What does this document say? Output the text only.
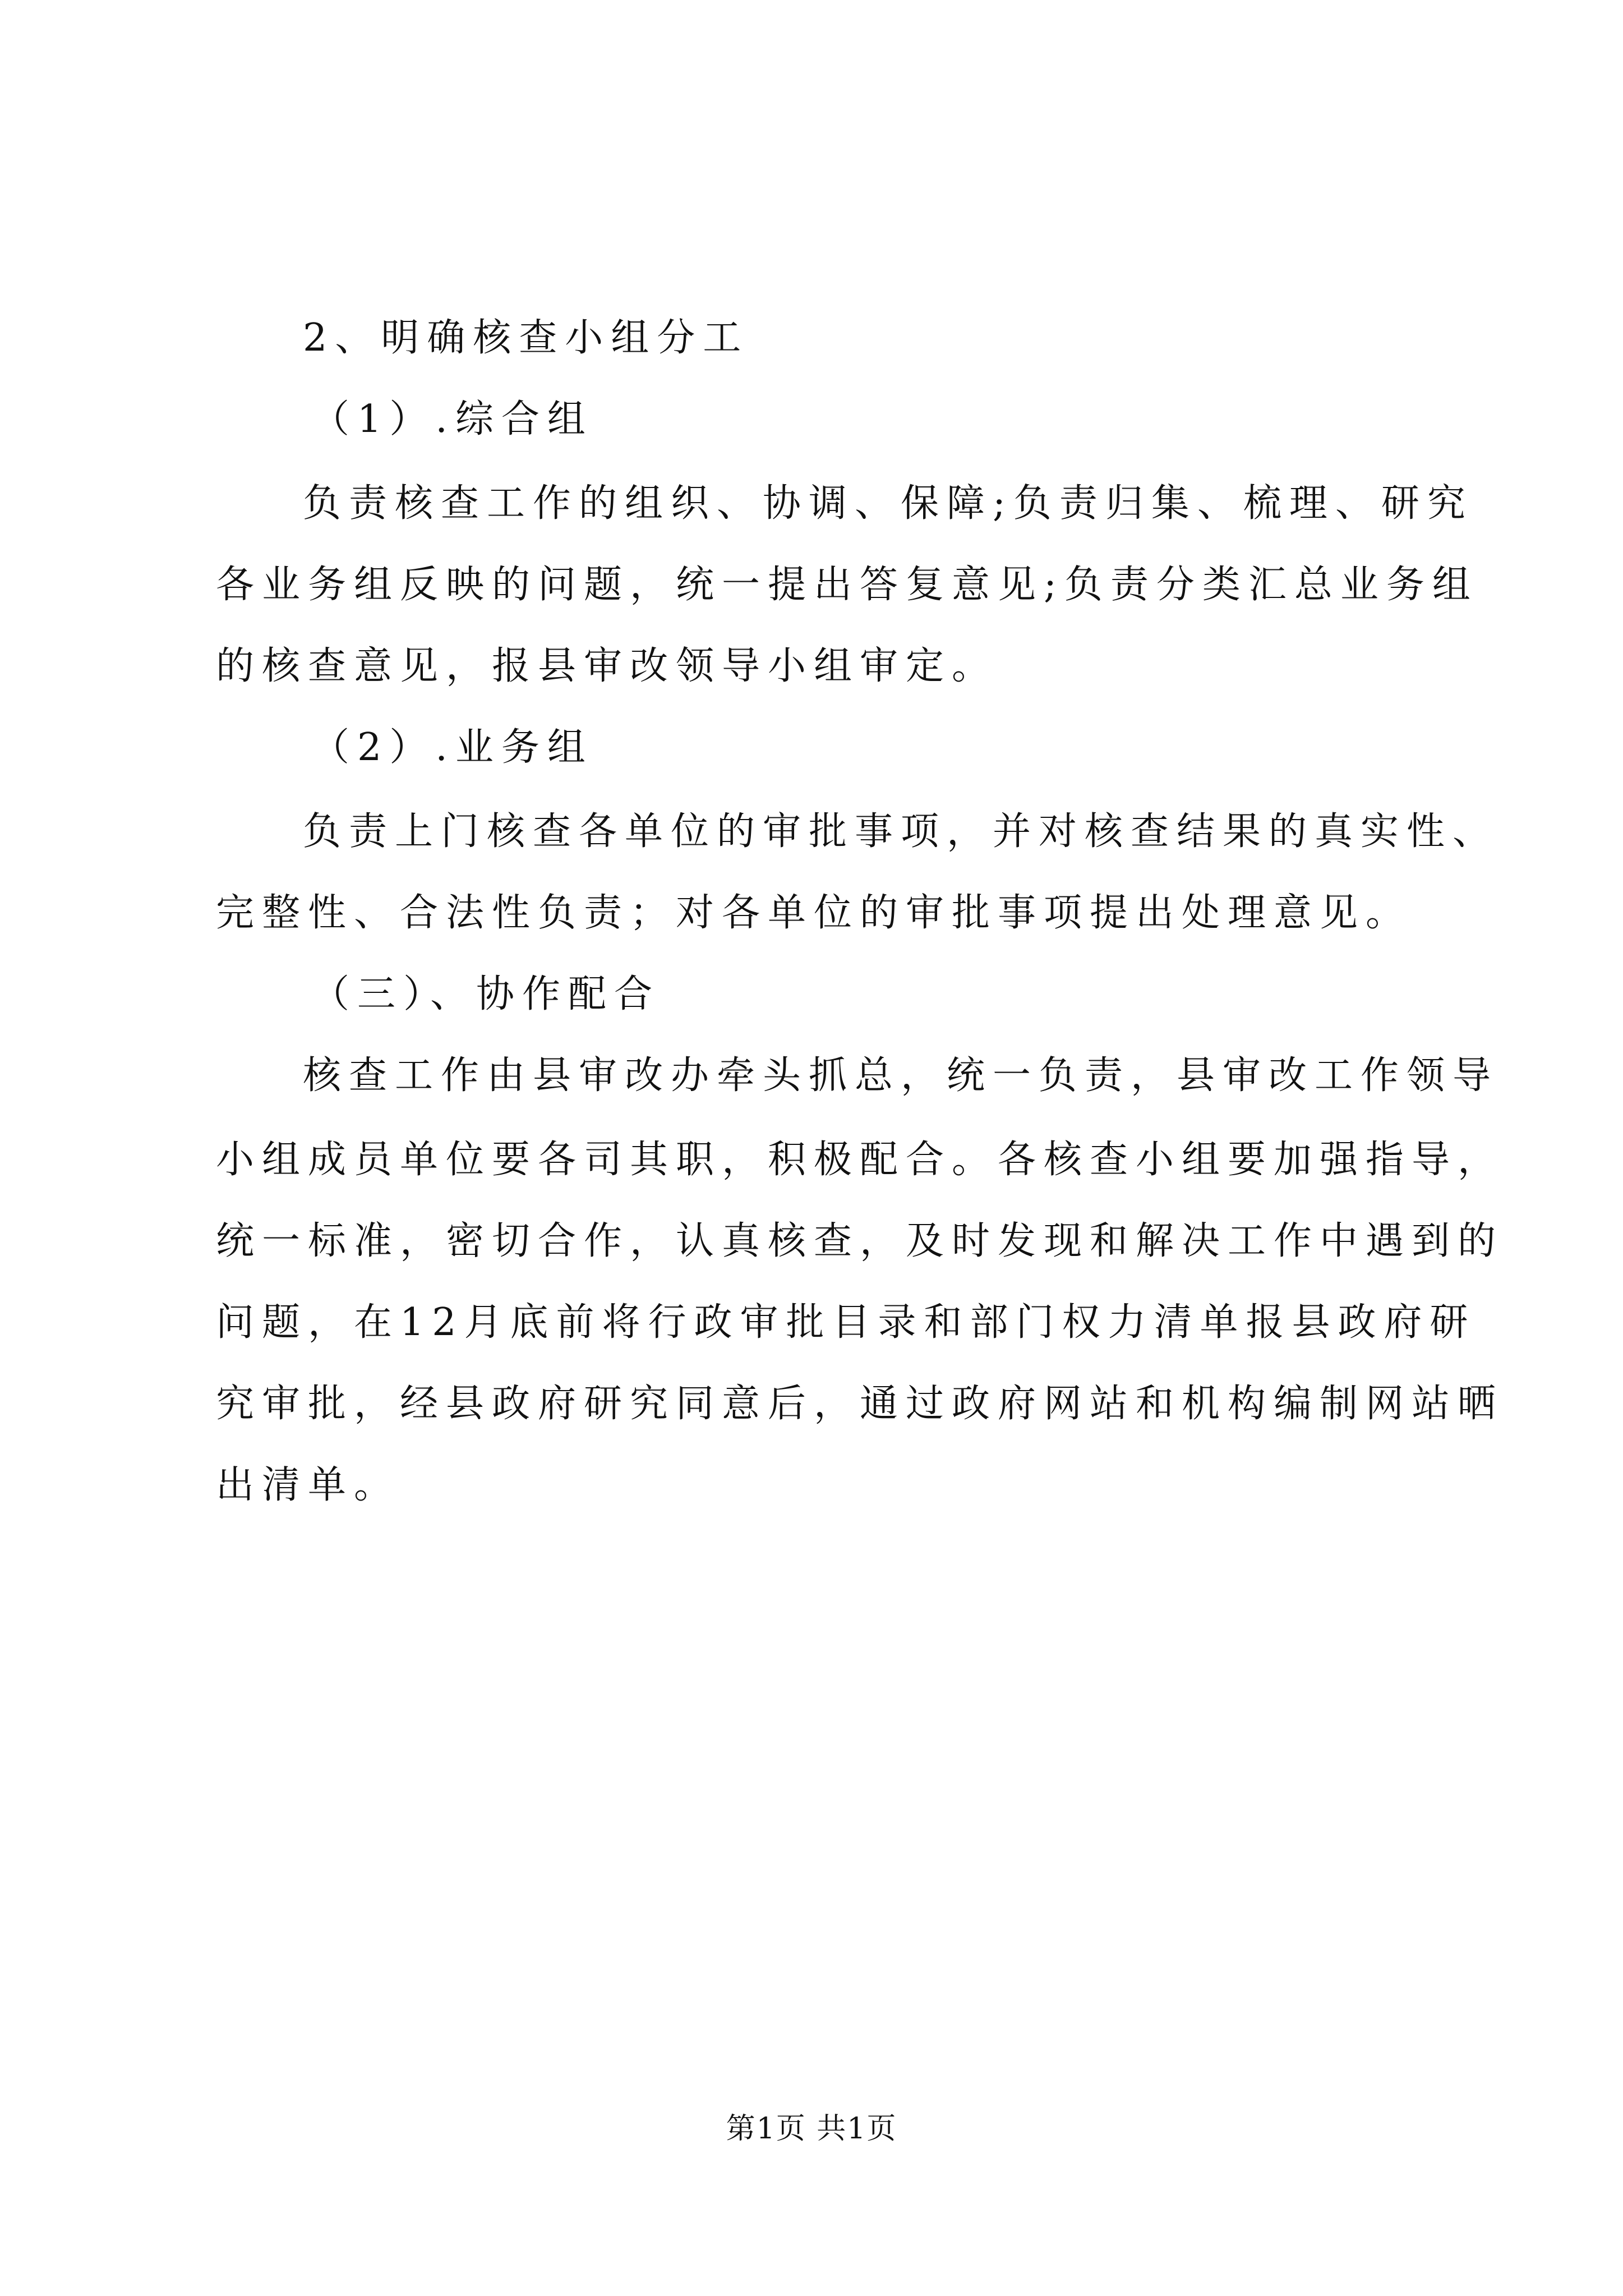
2、明确核查小组分工
（1）.综合组
负责核查工作的组织、协调、保障;负责归集、梳理、研究
各业务组反映的问题，统一提出答复意见;负责分类汇总业务组
的核查意见，报县审改领导小组审定。
（2）.业务组
负责上门核查各单位的审批事项，并对核查结果的真实性、
完整性、合法性负责；对各单位的审批事项提出处理意见。
（三）、协作配合
核查工作由县审改办牵头抓总，统一负责，县审改工作领导
小组成员单位要各司其职，积极配合。各核查小组要加强指导，
统一标准，密切合作，认真核查，及时发现和解决工作中遇到的
问题，在12月底前将行政审批目录和部门权力清单报县政府研
究审批，经县政府研究同意后，通过政府网站和机构编制网站晒
出清单。
第1页 共1页
